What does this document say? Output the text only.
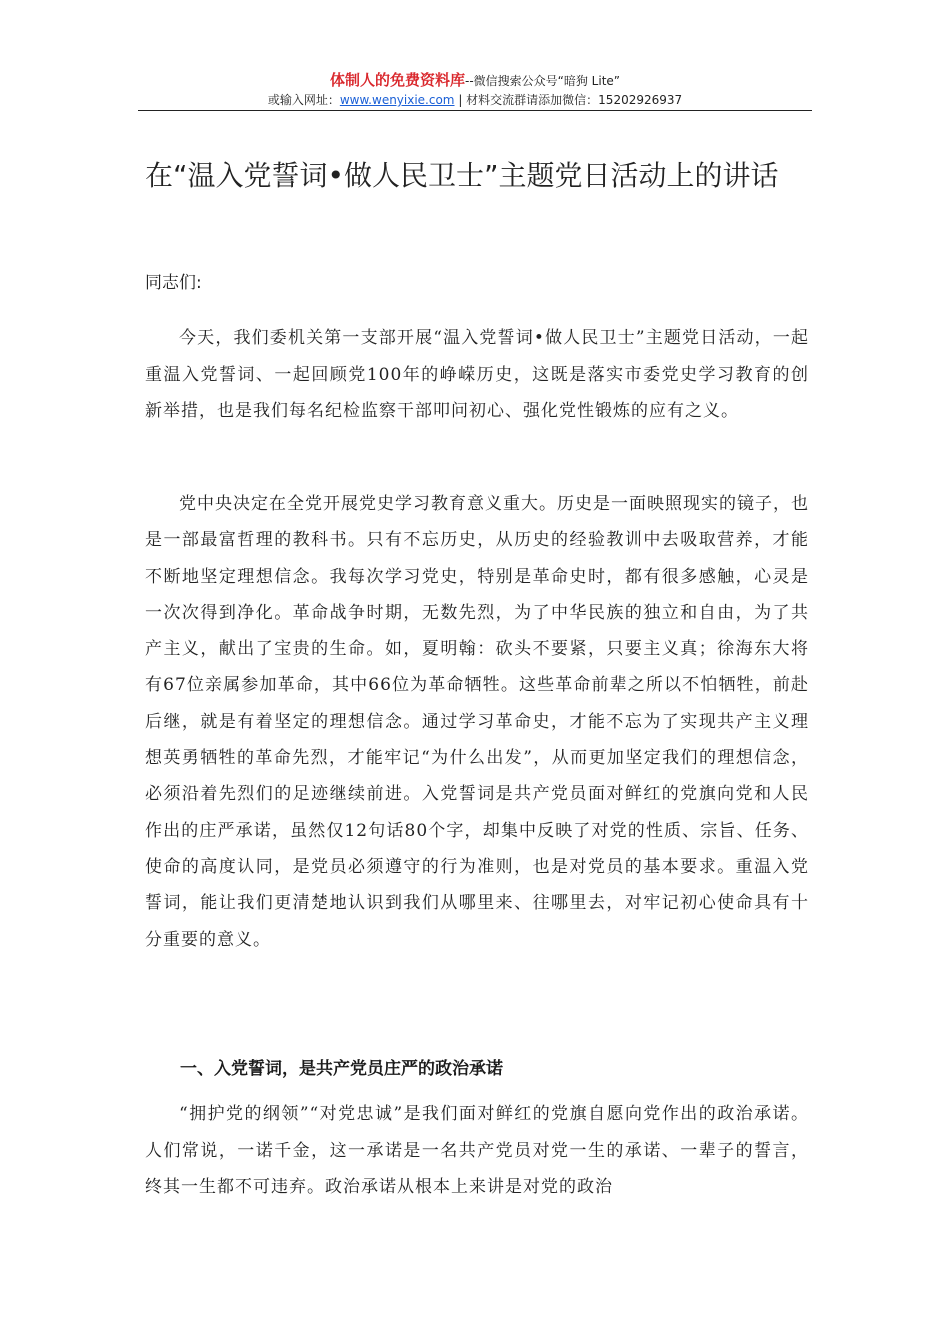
体制人的免费资料库--微信搜索公众号“暗狗 Lite”
或输入网址：www.wenyixie.com | 材料交流群请添加微信：15202926937
在“温入党誓词•做人民卫士”主题党日活动上的讲话

同志们:

今天，我们委机关第一支部开展“温入党誓词•做人民卫士”主题党日活动，一起重温入党誓词、一起回顾党100年的峥嵘历史，这既是落实市委党史学习教育的创新举措，也是我们每名纪检监察干部叩问初心、强化党性锻炼的应有之义。

党中央决定在全党开展党史学习教育意义重大。历史是一面映照现实的镜子，也是一部最富哲理的教科书。只有不忘历史，从历史的经验教训中去吸取营养，才能不断地坚定理想信念。我每次学习党史，特别是革命史时，都有很多感触，心灵是一次次得到净化。革命战争时期，无数先烈，为了中华民族的独立和自由，为了共产主义，献出了宝贵的生命。如，夏明翰：砍头不要紧，只要主义真；徐海东大将有67位亲属参加革命，其中66位为革命牺牲。这些革命前辈之所以不怕牺牲，前赴后继，就是有着坚定的理想信念。通过学习革命史，才能不忘为了实现共产主义理想英勇牺牲的革命先烈，才能牢记“为什么出发”，从而更加坚定我们的理想信念，必须沿着先烈们的足迹继续前进。入党誓词是共产党员面对鲜红的党旗向党和人民作出的庄严承诺，虽然仅12句话80个字，却集中反映了对党的性质、宗旨、任务、使命的高度认同，是党员必须遵守的行为准则，也是对党员的基本要求。重温入党誓词，能让我们更清楚地认识到我们从哪里来、往哪里去，对牢记初心使命具有十分重要的意义。

一、入党誓词，是共产党员庄严的政治承诺

“拥护党的纲领”“对党忠诚”是我们面对鲜红的党旗自愿向党作出的政治承诺。人们常说，一诺千金，这一承诺是一名共产党员对党一生的承诺、一辈子的誓言，终其一生都不可违弃。政治承诺从根本上来讲是对党的政治
